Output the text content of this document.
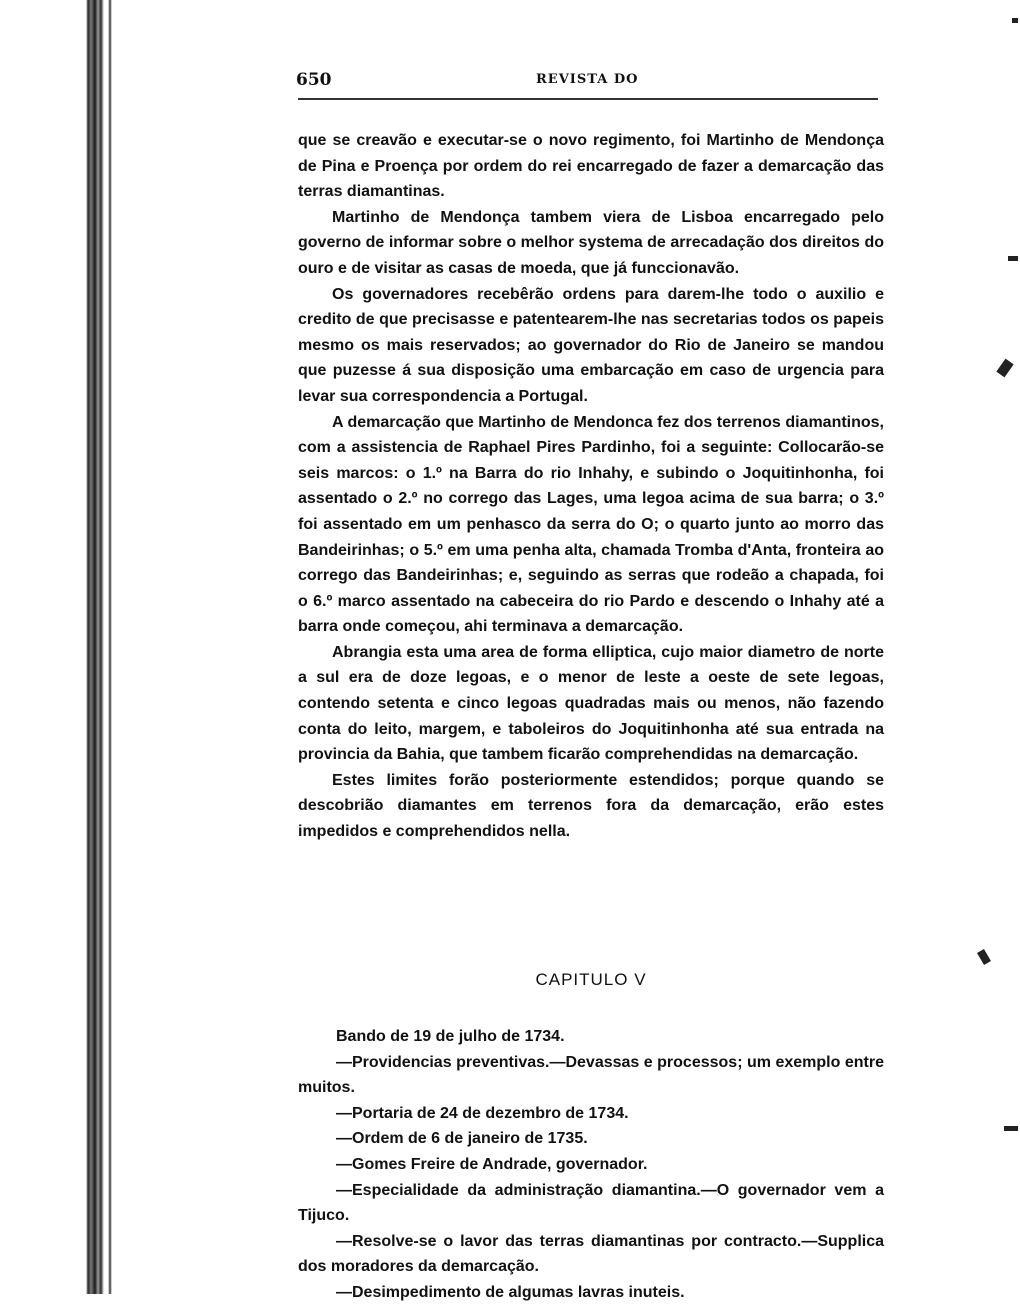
650	REVISTA DO

que se creavão e executar-se o novo regimento, foi Martinho de Mendonça de Pina e Proença por ordem do rei encarregado de fazer a demarcação das terras diamantinas.

Martinho de Mendonça tambem viera de Lisboa encarregado pelo governo de informar sobre o melhor systema de arrecadação dos direitos do ouro e de visitar as casas de moeda, que já funccionavão.

Os governadores recebêrão ordens para darem-lhe todo o auxilio e credito de que precisasse e patentearem-lhe nas secretarias todos os papeis mesmo os mais reservados; ao governador do Rio de Janeiro se mandou que puzesse á sua disposição uma embarcação em caso de urgencia para levar sua correspondencia a Portugal.

A demarcação que Martinho de Mendonca fez dos terrenos diamantinos, com a assistencia de Raphael Pires Pardinho, foi a seguinte: Collocarão-se seis marcos: o 1.º na Barra do rio Inhahy, e subindo o Joquitinhonha, foi assentado o 2.º no corrego das Lages, uma legoa acima de sua barra; o 3.º foi assentado em um penhasco da serra do O; o quarto junto ao morro das Bandeirinhas; o 5.º em uma penha alta, chamada Tromba d'Anta, fronteira ao corrego das Bandeirinhas; e, seguindo as serras que rodeão a chapada, foi o 6.º marco assentado na cabeceira do rio Pardo e descendo o Inhahy até a barra onde começou, ahi terminava a demarcação.

Abrangia esta uma area de forma elliptica, cujo maior diametro de norte a sul era de doze legoas, e o menor de leste a oeste de sete legoas, contendo setenta e cinco legoas quadradas mais ou menos, não fazendo conta do leito, margem, e taboleiros do Joquitinhonha até sua entrada na provincia da Bahia, que tambem ficarão comprehendidas na demarcação.

Estes limites forão posteriormente estendidos; porque quando se descobrião diamantes em terrenos fora da demarcação, erão estes impedidos e comprehendidos nella.

CAPITULO V

Bando de 19 de julho de 1734.

—Providencias preventivas.—Devassas e processos; um exemplo entre muitos.

—Portaria de 24 de dezembro de 1734.

—Ordem de 6 de janeiro de 1735.

—Gomes Freire de Andrade, governador.

—Especialidade da administração diamantina.—O governador vem a Tijuco.

—Resolve-se o lavor das terras diamantinas por contracto.—Supplica dos moradores da demarcação.

—Desimpedimento de algumas lavras inuteis.
